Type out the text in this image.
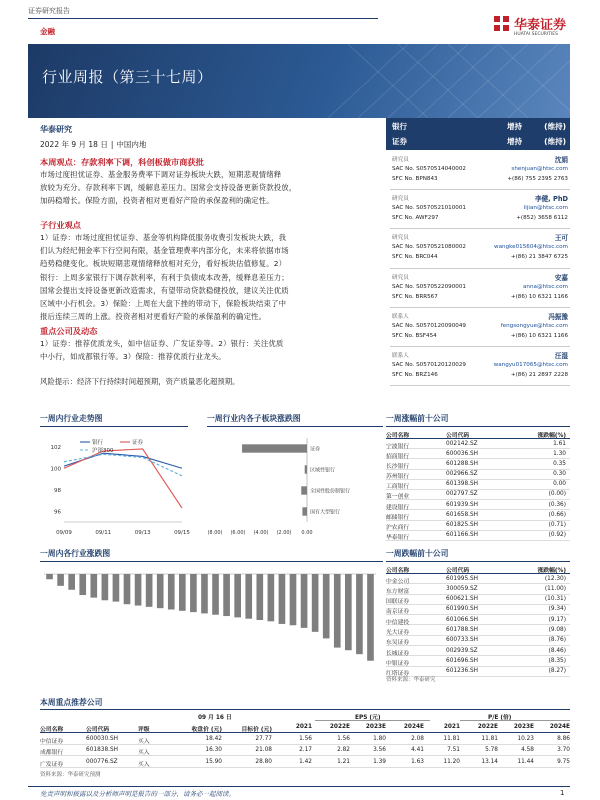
证券研究报告
金融	华泰证券
HUATAI SECURITIES
行业周报（第三十七周）
华泰研究
2022 年 9 月 18 日 | 中国内地
银行	增持	(维持)
证券	增持	(维持)
研究员	沈娟
SAC No. S0570514040002	shenjuan@htsc.com
SFC No. BPN843	+(86) 755 2395 2763
研究员	李健, PhD
SAC No. S0570521010001	lijian@htsc.com
SFC No. AWF297	+(852) 3658 6112
研究员	王可
SAC No. S0570521080002	wangke015604@htsc.com
SFC No. BRC044	+(86) 21 3847 6725
研究员	安嘉
SAC No. S0570522090001	anna@htsc.com
SFC No. BRR567	+(86) 10 6321 1166
联系人	冯振豫
SAC No. S0570120090049	fengsongyue@htsc.com
SFC No. BSF454	+(86) 10 6321 1166
联系人	汪湿
SAC No. S0570120120029	wangyu017065@htsc.com
SFC No. BRZ146	+(86) 21 2897 2228
本周观点：存款利率下调，科创板做市商获批
市场过度担忧证券、基金服务费率下调对证券板块大跌，短期悲观情绪释
放较为充分。存款利率下调，缓解息差压力。国常会支持设备更新贷款投放，
加码稳增长。保险方面，投资者相对更看好产险的承保盈利的确定性。
子行业观点
1）证券：市场过度担忧证券、基金等机构降低服务收费引发板块大跌，我
们认为经纪佣金率下行空间有限，基金管理费率内部分化，未来将依据市场
趋势稳健变化。板块短期悲观情绪释放相对充分，看好板块估值修复。2）
银行：上周多家银行下调存款利率，有利于负债成本改善，缓释息差压力；
国常会提出支持设备更新改造需求，有望带动贷款稳健投放，建议关注优质
区域中小行机会。3）保险：上周在大盘下挫的带动下，保险板块结束了中
报后连续三周的上涨。投资者相对更看好产险的承保盈利的确定性。
重点公司及动态
1）证券：推荐优质龙头，如中信证券、广发证券等。2）银行：关注优质
中小行，如成都银行等。3）保险：推荐优质行业龙头。
风险提示：经济下行持续时间超预期，资产质量恶化超预期。
一周内行业走势图	一周行业内各子板块涨跌图	一周涨幅前十公司
96
98
100
102
09/09	09/11	09/13	09/15
银行	证券
沪深300	证券
区域性银行
全国性股份制银行
国有大型银行
(8.00) (6.00) (4.00) (2.00) 0.00
公司名称	公司代码	涨跌幅(%)
宁波银行	002142.SZ	1.61
招商银行	600036.SH	1.30
长沙银行	601288.SH	0.35
苏州银行	002966.SZ	0.30
工商银行	601398.SH	0.00
第一创业	002797.SZ	(0.00)
建设银行	601939.SH	(0.36)
邮储银行	601658.SH	(0.66)
沪农商行	601825.SH	(0.71)
华泰银行	601166.SH	(0.92)
一周内各行业涨跌图	一周跌幅前十公司
公司名称	公司代码	涨跌幅(%)
中金公司	601995.SH	(12.30)
东方财富	300059.SZ	(11.00)
国联证券	600621.SH	(10.31)
南京证券	601990.SH	(9.34)
中信建投	601066.SH	(9.17)
光大证券	601788.SH	(9.08)
东吴证券	600733.SH	(8.76)
长城证券	002939.SZ	(8.46)
中银证券	601696.SH	(8.35)
红塔证券	601236.SH	(8.27)
资料来源：华泰研究
本周重点推荐公司
09 月 16 日	EPS (元)	P/E (倍)
公司名称	公司代码	评级	收盘价 (元)	目标价 (元)	2021	2022E	2023E	2024E	2021	2022E	2023E	2024E
中信证券	600030.SH	买入	18.42	27.77	1.56	1.56	1.80	2.08	11.81	11.81	10.23	8.86
成都银行	601838.SH	买入	16.30	21.08	2.17	2.82	3.56	4.41	7.51	5.78	4.58	3.70
广发证券	000776.SZ	买入	15.90	28.80	1.42	1.21	1.39	1.63	11.20	13.14	11.44	9.75
资料来源：华泰研究预测
免责声明和披露以及分析师声明是报告的一部分，请务必一起阅读。	1
